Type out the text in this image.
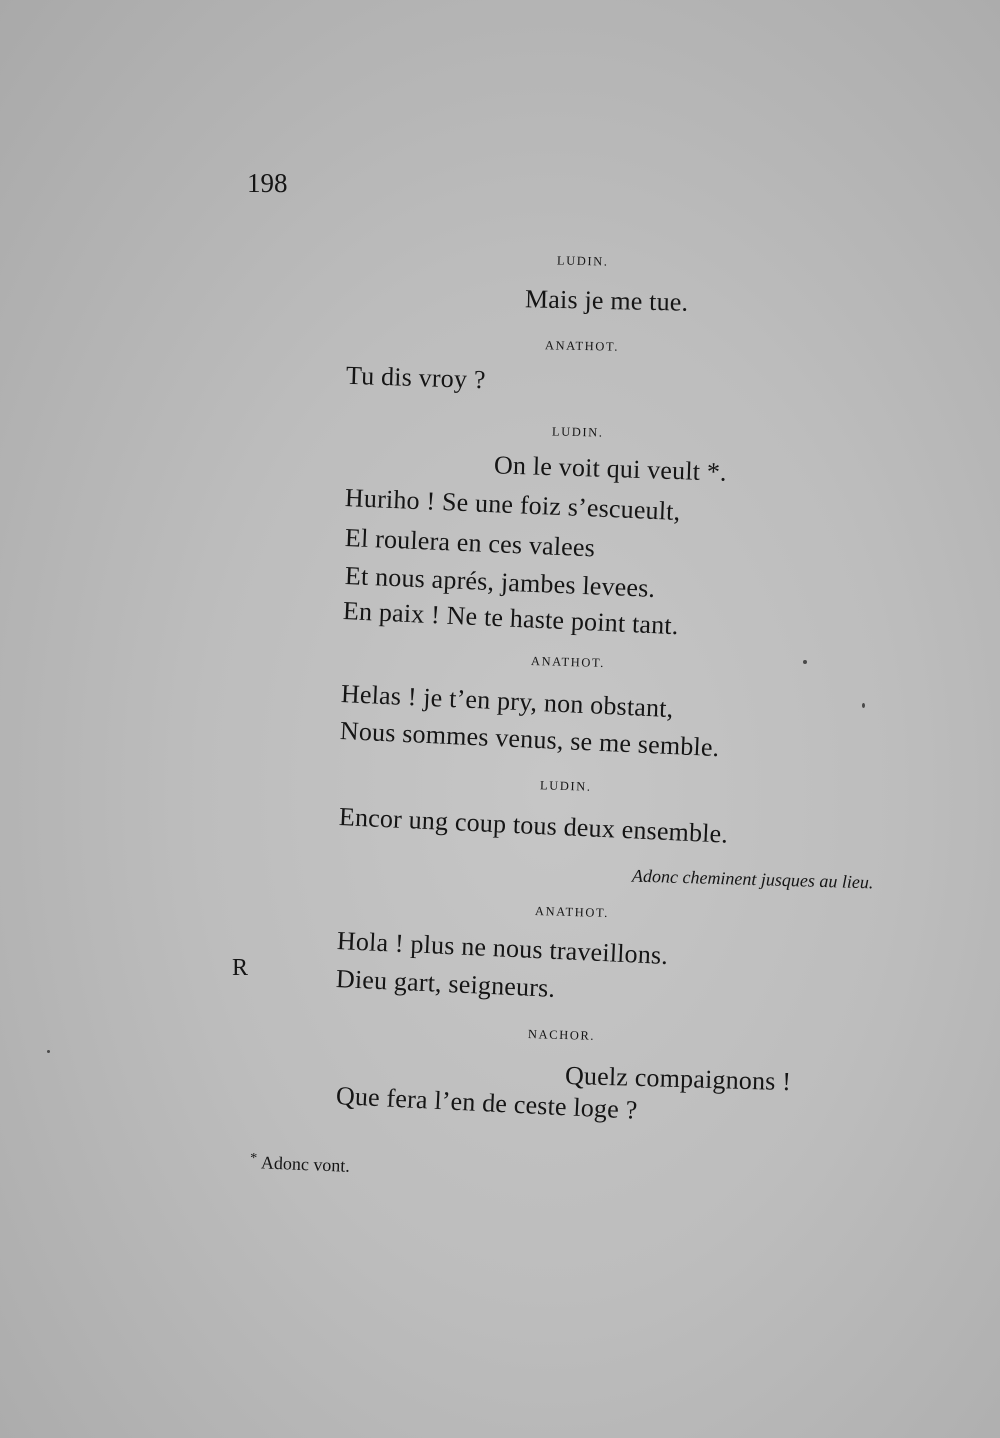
198
LUDIN.
Mais je me tue.
ANATHOT.
Tu dis vroy ?
LUDIN.
On le voit qui veult *.
Huriho ! Se une foiz s’escueult,
El roulera en ces valees
Et nous aprés, jambes levees.
En paix ! Ne te haste point tant.
ANATHOT.
Helas ! je t’en pry, non obstant,
Nous sommes venus, se me semble.
LUDIN.
Encor ung coup tous deux ensemble.
Adonc cheminent jusques au lieu.
ANATHOT.
Hola ! plus ne nous traveillons.
Dieu gart, seigneurs.
R
NACHOR.
Quelz compaignons !
Que fera l’en de ceste loge ?
* Adonc vont.
